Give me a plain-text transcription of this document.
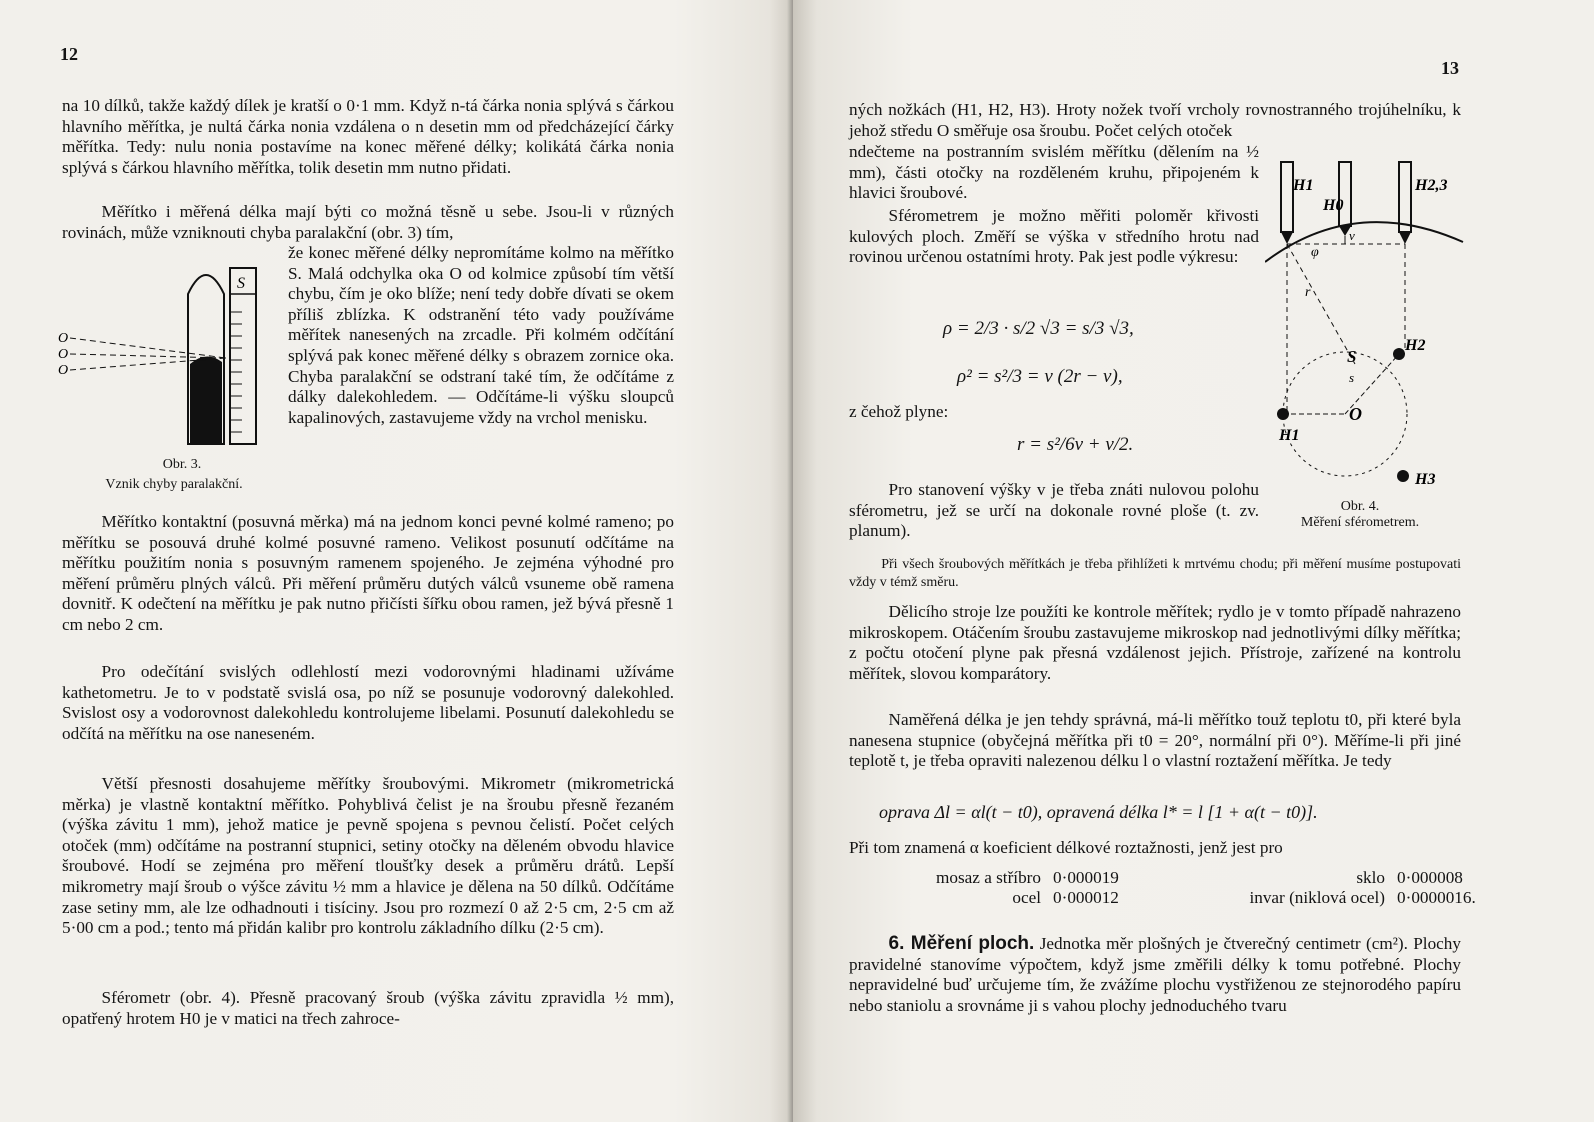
12
na 10 dílků, takže každý dílek je kratší o 0·1 mm. Když n-tá čárka nonia splývá s čárkou hlavního měřítka, je nultá čárka nonia vzdálena o n desetin mm od předcházející čárky měřítka. Tedy: nulu nonia postavíme na konec měřené délky; kolikátá čárka nonia splývá s čárkou hlavního měřítka, tolik desetin mm nutno přidati.
Měřítko i měřená délka mají býti co možná těsně u sebe. Jsou-li v různých rovinách, může vzniknouti chyba paralakční (obr. 3) tím,
S
O
O
O
Obr. 3.
Vznik chyby paralakční.
že konec měřené délky nepromítáme kolmo na měřítko S. Malá odchylka oka O od kolmice způsobí tím větší chybu, čím je oko blíže; není tedy dobře dívati se okem příliš zblízka. K odstranění této vady používáme měřítek nanesených na zrcadle. Při kolmém odčítání splývá pak konec měřené délky s obrazem zornice oka. Chyba paralakční se odstraní také tím, že odčítáme z dálky dalekohledem. — Odčítáme-li výšku sloupců kapalinových, zastavujeme vždy na vrchol menisku.
Měřítko kontaktní (posuvná měrka) má na jednom konci pevné kolmé rameno; po měřítku se posouvá druhé kolmé posuvné rameno. Velikost posunutí odčítáme na měřítku použitím nonia s posuvným ramenem spojeného. Je zejména výhodné pro měření průměru plných válců. Při měření průměru dutých válců vsuneme obě ramena dovnitř. K odečtení na měřítku je pak nutno přičísti šířku obou ramen, jež bývá přesně 1 cm nebo 2 cm.
Pro odečítání svislých odlehlostí mezi vodorovnými hladinami užíváme kathetometru. Je to v podstatě svislá osa, po níž se posunuje vodorovný dalekohled. Svislost osy a vodorovnost dalekohledu kontrolujeme libelami. Posunutí dalekohledu se odčítá na měřítku na ose naneseném.
Větší přesnosti dosahujeme měřítky šroubovými. Mikrometr (mikrometrická měrka) je vlastně kontaktní měřítko. Pohyblivá čelist je na šroubu přesně řezaném (výška závitu 1 mm), jehož matice je pevně spojena s pevnou čelistí. Počet celých otoček (mm) odčítáme na postranní stupnici, setiny otočky na děleném obvodu hlavice šroubové. Hodí se zejména pro měření tloušťky desek a průměru drátů. Lepší mikrometry mají šroub o výšce závitu ½ mm a hlavice je dělena na 50 dílků. Odčítáme zase setiny mm, ale lze odhadnouti i tisíciny. Jsou pro rozmezí 0 až 2·5 cm, 2·5 cm až 5·00 cm a pod.; tento má přidán kalibr pro kontrolu základního dílku (2·5 cm).
Sférometr (obr. 4). Přesně pracovaný šroub (výška závitu zpravidla ½ mm), opatřený hrotem H0 je v matici na třech zahroce-
13
ných nožkách (H1, H2, H3). Hroty nožek tvoří vrcholy rovnostranného trojúhelníku, k jehož středu O směřuje osa šroubu. Počet celých otoček
ndečteme na postranním svislém měřítku (dělením na ½ mm), části otočky na rozděleném kruhu, připojeném k hlavici šroubové.
Sférometrem je možno měřiti poloměr křivosti kulových ploch. Změří se výška v středního hrotu nad rovinou určenou ostatními hroty. Pak jest podle výkresu:
ρ = 2/3 · s/2 √3 = s/3 √3,
ρ² = s²/3 = v (2r − v),
z čehož plyne:
r = s²/6v + v/2.
Pro stanovení výšky v je třeba znáti nulovou polohu sférometru, jež se určí na dokonale rovné ploše (t. zv. planum).
H1
H0
H2,3
v
φ
r
S
s
H2
O
H1
H3
Obr. 4.
Měření sférometrem.
Při všech šroubových měřítkách je třeba přihlížeti k mrtvému chodu; při měření musíme postupovati vždy v témž směru.
Dělicího stroje lze použíti ke kontrole měřítek; rydlo je v tomto případě nahrazeno mikroskopem. Otáčením šroubu zastavujeme mikroskop nad jednotlivými dílky měřítka; z počtu otočení plyne pak přesná vzdálenost jejich. Přístroje, zařízené na kontrolu měřítek, slovou komparátory.
Naměřená délka je jen tehdy správná, má-li měřítko touž teplotu t0, při které byla nanesena stupnice (obyčejná měřítka při t0 = 20°, normální při 0°). Měříme-li při jiné teplotě t, je třeba opraviti nalezenou délku l o vlastní roztažení měřítka. Je tedy
oprava Δl = αl(t − t0), opravená délka l* = l [1 + α(t − t0)].
Při tom znamená α koeficient délkové roztažnosti, jenž jest pro
mosaz a stříbro	0·000019	sklo	0·000008
ocel	0·000012	invar (niklová ocel)	0·0000016.
6. Měření ploch. Jednotka měr plošných je čtverečný centimetr (cm²). Plochy pravidelné stanovíme výpočtem, když jsme změřili délky k tomu potřebné. Plochy nepravidelné buď určujeme tím, že zvážíme plochu vystřiženou ze stejnorodého papíru nebo staniolu a srovnáme ji s vahou plochy jednoduchého tvaru
